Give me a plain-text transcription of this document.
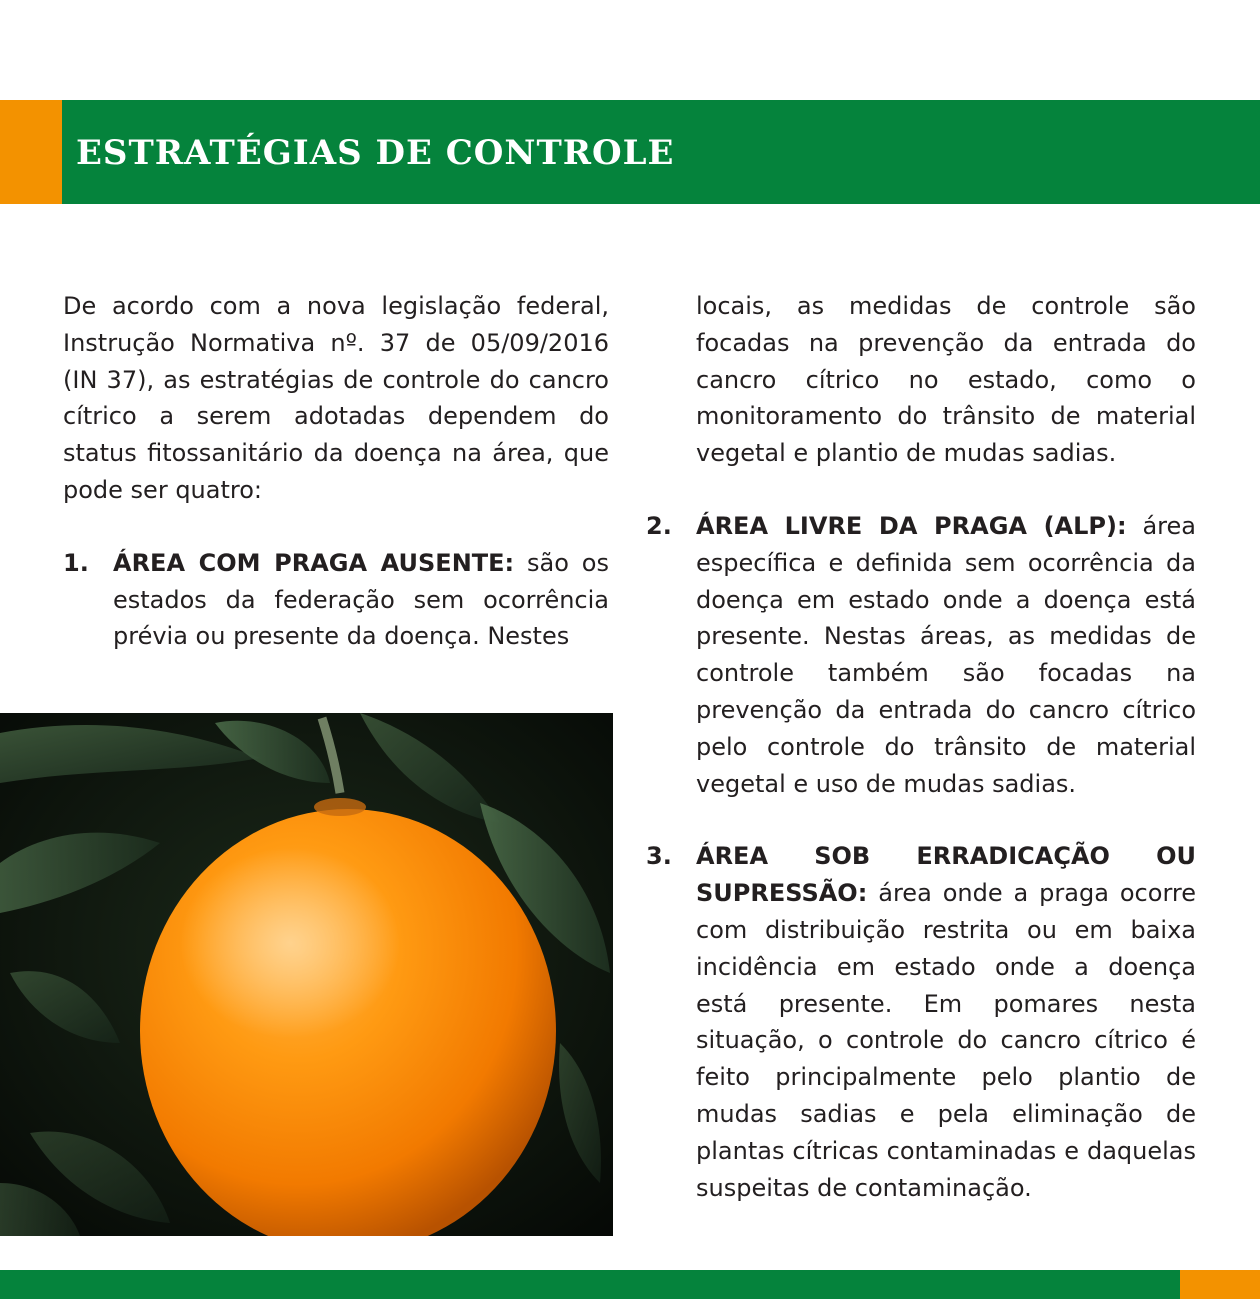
ESTRATÉGIAS DE CONTROLE

De acordo com a nova legislação federal, Instrução Normativa nº. 37 de 05/09/2016 (IN 37), as estratégias de controle do cancro cítrico a serem adotadas dependem do status fitossanitário da doença na área, que pode ser quatro:

1. ÁREA COM PRAGA AUSENTE: são os estados da federação sem ocorrência prévia ou presente da doença. Nestes

locais, as medidas de controle são focadas na prevenção da entrada do cancro cítrico no estado, como o monitoramento do trânsito de material vegetal e plantio de mudas sadias.

2. ÁREA LIVRE DA PRAGA (ALP): área específica e definida sem ocorrência da doença em estado onde a doença está presente. Nestas áreas, as medidas de controle também são focadas na prevenção da entrada do cancro cítrico pelo controle do trânsito de material vegetal e uso de mudas sadias.
3. ÁREA SOB ERRADICAÇÃO OU SUPRESSÃO: área onde a praga ocorre com distribuição restrita ou em baixa incidência em estado onde a doença está presente. Em pomares nesta situação, o controle do cancro cítrico é feito principalmente pelo plantio de mudas sadias e pela eliminação de plantas cítricas contaminadas e daquelas suspeitas de contaminação.
